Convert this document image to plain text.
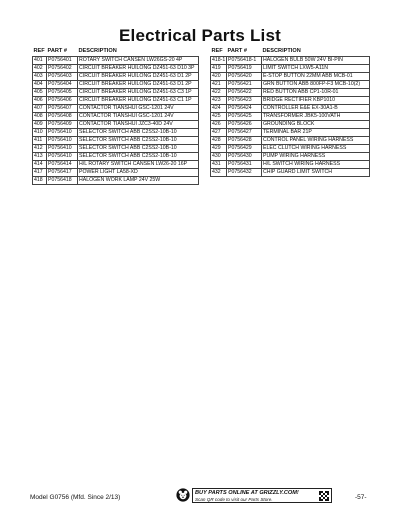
Electrical Parts List
REF	PART #	DESCRIPTION
401	P0756401	ROTARY SWITCH CANSEN LW26GS-20 4P
402	P0756402	CIRCUIT BREAKER HUILONG DZ451-63 D10 3P
403	P0756403	CIRCUIT BREAKER HUILONG DZ451-63 D1 2P
404	P0756404	CIRCUIT BREAKER HUILONG DZ451-63 D1 2P
405	P0756405	CIRCUIT BREAKER HUILONG DZ451-63 C3 1P
406	P0756406	CIRCUIT BREAKER HUILONG DZ451-63 C1 1P
407	P0756407	CONTACTOR TIANSHUI GSC-1201 24V
408	P0756408	CONTACTOR TIANSHUI GSC-1201 24V
409	P0756409	CONTACTOR TIANSHUI JZC3-40D 24V
410	P0756410	SELECTOR SWITCH ABB C2SS2-10B-10
411	P0756410	SELECTOR SWITCH ABB C2SS2-10B-10
412	P0756410	SELECTOR SWITCH ABB C2SS2-10B-10
413	P0756410	SELECTOR SWITCH ABB C2SS2-10B-10
414	P0756414	H/L ROTARY SWITCH CANSEN LW26-20 16P
417	P0756417	POWER LIGHT LA58-XD
418	P0756418	HALOGEN WORK LAMP 24V 25W
REF	PART #	DESCRIPTION
418-1	P0756418-1	HALOGEN BULB 50W 24V BI-PIN
419	P0756419	LIMIT SWITCH LXW5-A11N
420	P0756420	E-STOP BUTTON 22MM ABB MCB-01
421	P0756421	GRN BUTTON ABB 800FP-F3 MCB-10(2)
422	P0756422	RED BUTTON ABB CP1-10R-01
423	P0756423	BRIDGE RECTIFIER KBP1010
424	P0756424	CONTROLLER E&E EX-30A1-B
425	P0756425	TRANSFORMER JBK5-100VATH
426	P0756426	GROUNDING BLOCK
427	P0756427	TERMINAL BAR 21P
428	P0756428	CONTROL PANEL WIRING HARNESS
429	P0756429	ELEC CLUTCH WIRING HARNESS
430	P0756430	PUMP WIRING HARNESS
431	P0756431	H/L SWITCH WIRING HARNESS
432	P0756432	CHIP GUARD LIMIT SWITCH
Model G0756 (Mfd. Since 2/13)
BUY PARTS ONLINE AT GRIZZLY.COM!
Scan QR code to visit our Parts Store.	-57-
